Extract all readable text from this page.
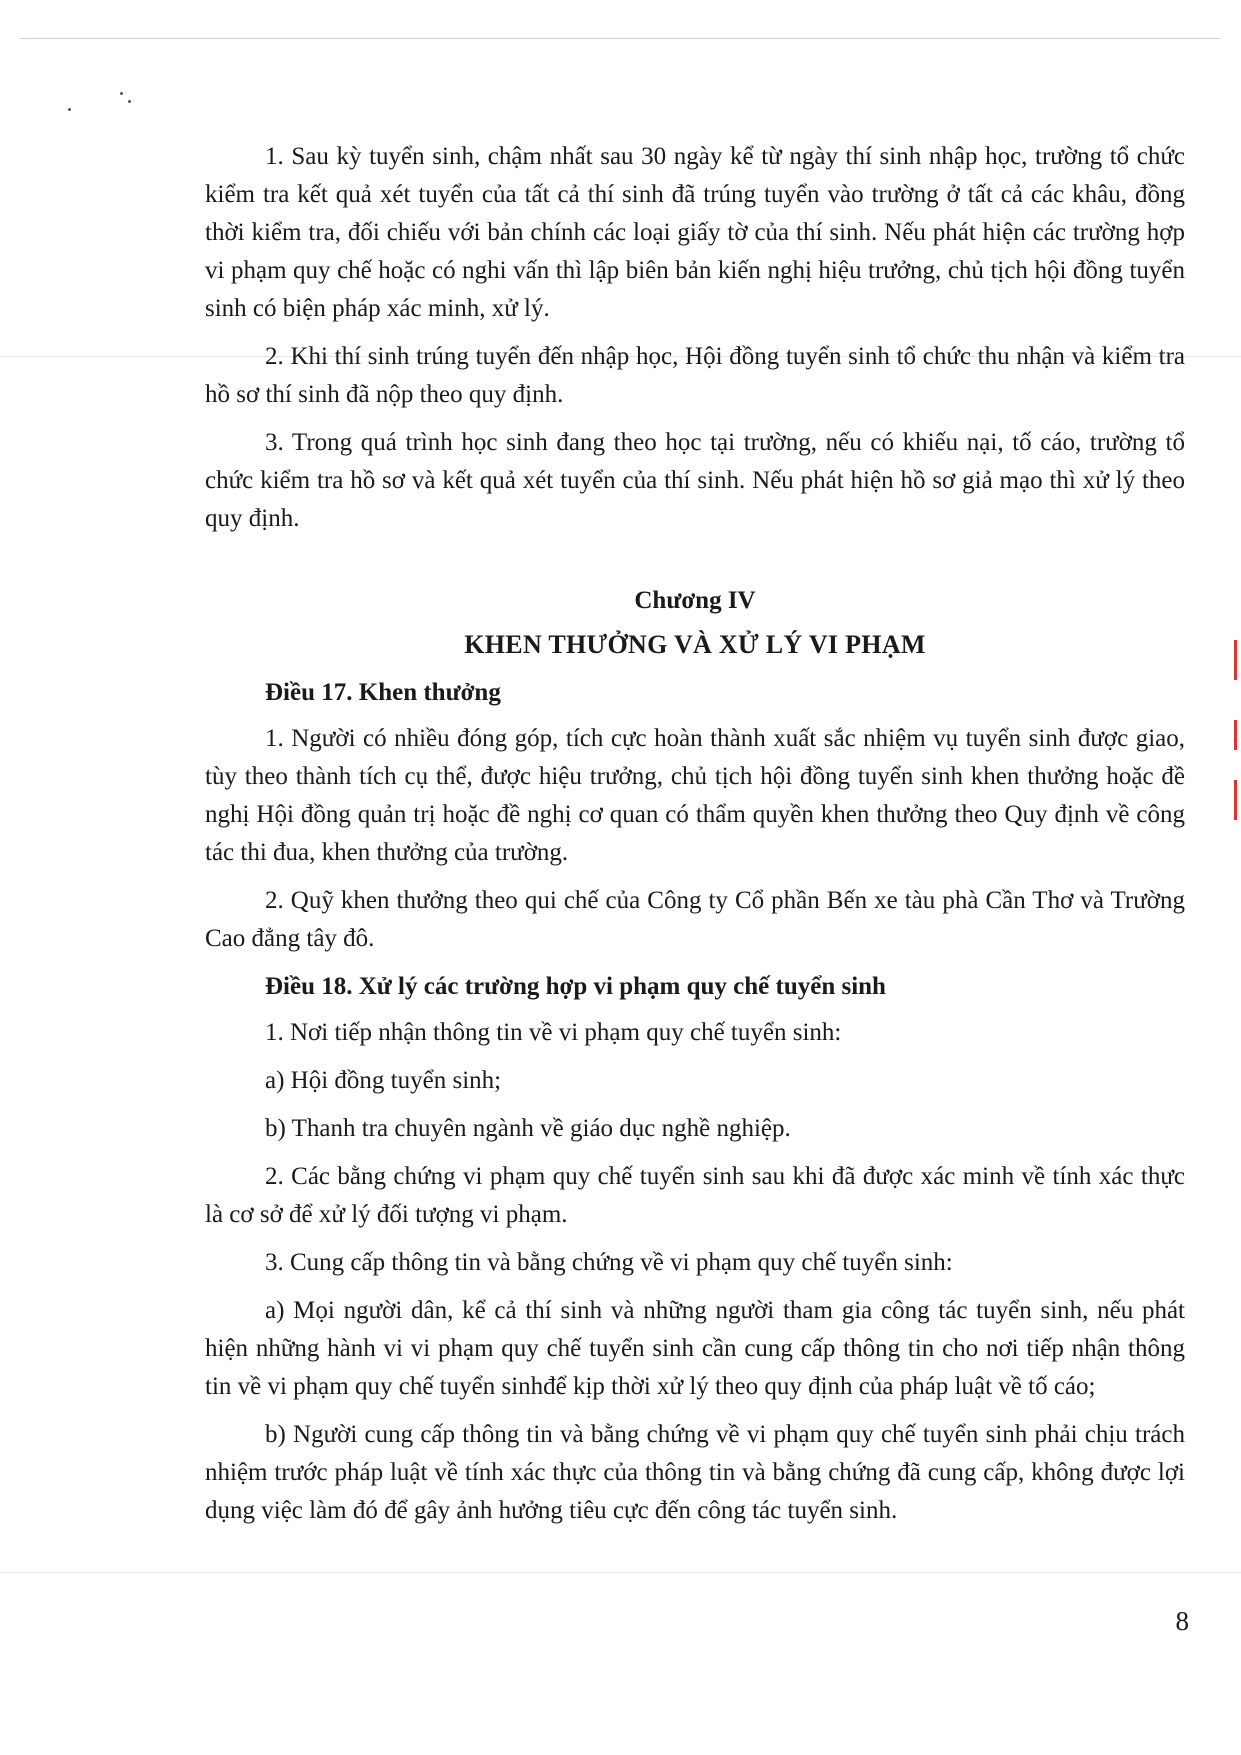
1. Sau kỳ tuyển sinh, chậm nhất sau 30 ngày kể từ ngày thí sinh nhập học, trường tổ chức kiểm tra kết quả xét tuyển của tất cả thí sinh đã trúng tuyển vào trường ở tất cả các khâu, đồng thời kiểm tra, đối chiếu với bản chính các loại giấy tờ của thí sinh. Nếu phát hiện các trường hợp vi phạm quy chế hoặc có nghi vấn thì lập biên bản kiến nghị hiệu trưởng, chủ tịch hội đồng tuyển sinh có biện pháp xác minh, xử lý.

2. Khi thí sinh trúng tuyển đến nhập học, Hội đồng tuyển sinh tổ chức thu nhận và kiểm tra hồ sơ thí sinh đã nộp theo quy định.

3. Trong quá trình học sinh đang theo học tại trường, nếu có khiếu nại, tố cáo, trường tổ chức kiểm tra hồ sơ và kết quả xét tuyển của thí sinh. Nếu phát hiện hồ sơ giả mạo thì xử lý theo quy định.

Chương IV

KHEN THƯỞNG VÀ XỬ LÝ VI PHẠM

Điều 17. Khen thưởng

1. Người có nhiều đóng góp, tích cực hoàn thành xuất sắc nhiệm vụ tuyển sinh được giao, tùy theo thành tích cụ thể, được hiệu trưởng, chủ tịch hội đồng tuyển sinh khen thưởng hoặc đề nghị Hội đồng quản trị hoặc đề nghị cơ quan có thẩm quyền khen thưởng theo Quy định về công tác thi đua, khen thưởng của trường.

2. Quỹ khen thưởng theo qui chế của Công ty Cổ phần Bến xe tàu phà Cần Thơ và Trường Cao đẳng tây đô.

Điều 18. Xử lý các trường hợp vi phạm quy chế tuyển sinh

1. Nơi tiếp nhận thông tin về vi phạm quy chế tuyển sinh:

a) Hội đồng tuyển sinh;

b) Thanh tra chuyên ngành về giáo dục nghề nghiệp.

2. Các bằng chứng vi phạm quy chế tuyển sinh sau khi đã được xác minh về tính xác thực là cơ sở để xử lý đối tượng vi phạm.

3. Cung cấp thông tin và bằng chứng về vi phạm quy chế tuyển sinh:

a) Mọi người dân, kể cả thí sinh và những người tham gia công tác tuyển sinh, nếu phát hiện những hành vi vi phạm quy chế tuyển sinh cần cung cấp thông tin cho nơi tiếp nhận thông tin về vi phạm quy chế tuyển sinhđể kịp thời xử lý theo quy định của pháp luật về tố cáo;

b) Người cung cấp thông tin và bằng chứng về vi phạm quy chế tuyển sinh phải chịu trách nhiệm trước pháp luật về tính xác thực của thông tin và bằng chứng đã cung cấp, không được lợi dụng việc làm đó để gây ảnh hưởng tiêu cực đến công tác tuyển sinh.

8
